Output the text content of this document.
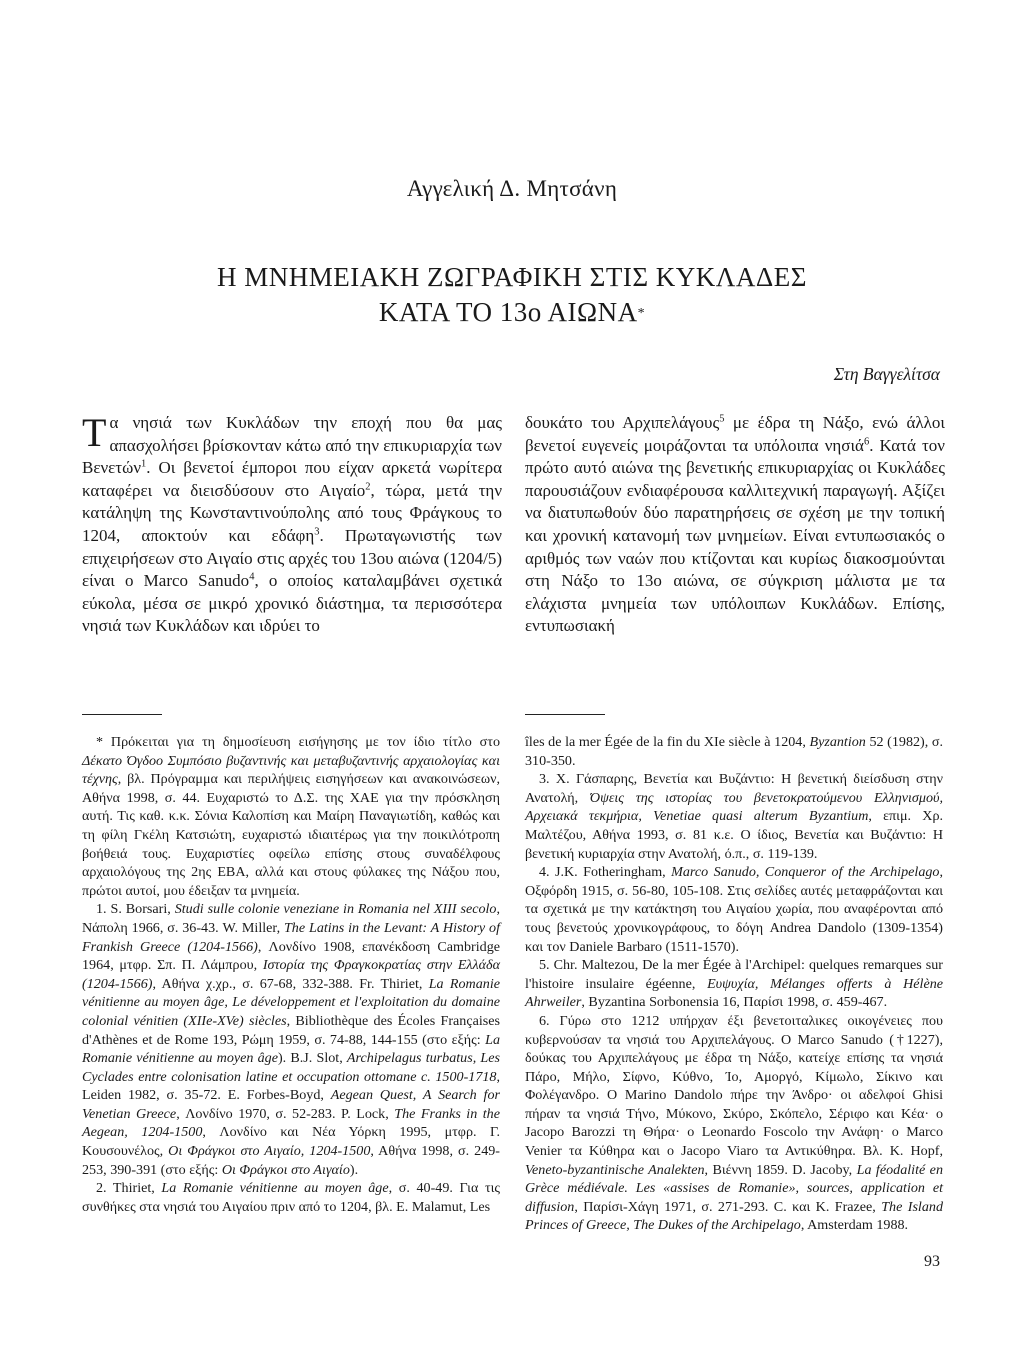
Αγγελική Δ. Μητσάνη
Η ΜΝΗΜΕΙΑΚΗ ΖΩΓΡΑΦΙΚΗ ΣΤΙΣ ΚΥΚΛΑΔΕΣ
ΚΑΤΑ ΤΟ 13ο ΑΙΩΝΑ*
Στη Βαγγελίτσα

Τα νησιά των Κυκλάδων την εποχή που θα μας απασχολήσει βρίσκονταν κάτω από την επικυριαρχία των Βενετών$^1$. Οι βενετοί έμποροι που είχαν αρκετά νωρίτερα καταφέρει να διεισδύσουν στο Αιγαίο$^2$, τώρα, μετά την κατάληψη της Κωνσταντινούπολης από τους Φράγκους το 1204, αποκτούν και εδάφη$^3$. Πρωταγωνιστής των επιχειρήσεων στο Αιγαίο στις αρχές του 13ου αιώνα (1204/5) είναι ο Marco Sanudo$^4$, ο οποίος καταλαμβάνει σχετικά εύκολα, μέσα σε μικρό χρονικό διάστημα, τα περισσότερα νησιά των Κυκλάδων και ιδρύει το

δουκάτο του Αρχιπελάγους$^5$ με έδρα τη Νάξο, ενώ άλλοι βενετοί ευγενείς μοιράζονται τα υπόλοιπα νησιά$^6$. Κατά τον πρώτο αυτό αιώνα της βενετικής επικυριαρχίας οι Κυκλάδες παρουσιάζουν ενδιαφέρουσα καλλιτεχνική παραγωγή. Αξίζει να διατυπωθούν δύο παρατηρήσεις σε σχέση με την τοπική και χρονική κατανομή των μνημείων. Είναι εντυπωσιακός ο αριθμός των ναών που κτίζονται και κυρίως διακοσμούνται στη Νάξο το 13ο αιώνα, σε σύγκριση μάλιστα με τα ελάχιστα μνημεία των υπόλοιπων Κυκλάδων. Επίσης, εντυπωσιακή

* Πρόκειται για τη δημοσίευση εισήγησης με τον ίδιο τίτλο στο Δέκατο Όγδοο Συμπόσιο βυζαντινής και μεταβυζαντινής αρχαιολογίας και τέχνης, βλ. Πρόγραμμα και περιλήψεις εισηγήσεων και ανακοινώσεων, Αθήνα 1998, σ. 44. Ευχαριστώ το Δ.Σ. της ΧΑΕ για την πρόσκληση αυτή. Τις καθ. κ.κ. Σόνια Καλοπίση και Μαίρη Παναγιωτίδη, καθώς και τη φίλη Γκέλη Κατσιώτη, ευχαριστώ ιδιαιτέρως για την ποικιλότροπη βοήθειά τους. Ευχαριστίες οφείλω επίσης στους συναδέλφους αρχαιολόγους της 2ης ΕΒΑ, αλλά και στους φύλακες της Νάξου που, πρώτοι αυτοί, μου έδειξαν τα μνημεία.

1. S. Borsari, Studi sulle colonie veneziane in Romania nel XIII secolo, Νάπολη 1966, σ. 36-43. W. Miller, The Latins in the Levant: A History of Frankish Greece (1204-1566), Λονδίνο 1908, επανέκδοση Cambridge 1964, μτφρ. Σπ. Π. Λάμπρου, Ιστορία της Φραγκοκρατίας στην Ελλάδα (1204-1566), Αθήνα χ.χρ., σ. 67-68, 332-388. Fr. Thiriet, La Romanie vénitienne au moyen âge, Le développement et l'exploitation du domaine colonial vénitien (XIIe-XVe) siècles, Bibliothèque des Écoles Françaises d'Athènes et de Rome 193, Ρώμη 1959, σ. 74-88, 144-155 (στο εξής: La Romanie vénitienne au moyen âge). B.J. Slot, Archipelagus turbatus, Les Cyclades entre colonisation latine et occupation ottomane c. 1500-1718, Leiden 1982, σ. 35-72. E. Forbes-Boyd, Aegean Quest, A Search for Venetian Greece, Λονδίνο 1970, σ. 52-283. P. Lock, The Franks in the Aegean, 1204-1500, Λονδίνο και Νέα Υόρκη 1995, μτφρ. Γ. Κουσουνέλος, Οι Φράγκοι στο Αιγαίο, 1204-1500, Αθήνα 1998, σ. 249-253, 390-391 (στο εξής: Οι Φράγκοι στο Αιγαίο).

2. Thiriet, La Romanie vénitienne au moyen âge, σ. 40-49. Για τις συνθήκες στα νησιά του Αιγαίου πριν από το 1204, βλ. E. Malamut, Les

îles de la mer Égée de la fin du XIe siècle à 1204, Byzantion 52 (1982), σ. 310-350.

3. Χ. Γάσπαρης, Βενετία και Βυζάντιο: Η βενετική διείσδυση στην Ανατολή, Όψεις της ιστορίας του βενετοκρατούμενου Ελληνισμού, Αρχειακά τεκμήρια, Venetiae quasi alterum Byzantium, επιμ. Χρ. Μαλτέζου, Αθήνα 1993, σ. 81 κ.ε. Ο ίδιος, Βενετία και Βυζάντιο: Η βενετική κυριαρχία στην Ανατολή, ό.π., σ. 119-139.

4. J.K. Fotheringham, Marco Sanudo, Conqueror of the Archipelago, Οξφόρδη 1915, σ. 56-80, 105-108. Στις σελίδες αυτές μεταφράζονται και τα σχετικά με την κατάκτηση του Αιγαίου χωρία, που αναφέρονται από τους βενετούς χρονικογράφους, το δόγη Andrea Dandolo (1309-1354) και τον Daniele Barbaro (1511-1570).

5. Chr. Maltezou, De la mer Égée à l'Archipel: quelques remarques sur l'histoire insulaire égéenne, Ευψυχία, Mélanges offerts à Hélène Ahrweiler, Byzantina Sorbonensia 16, Παρίσι 1998, σ. 459-467.

6. Γύρω στο 1212 υπήρχαν έξι βενετοιταλικες οικογένειες που κυβερνούσαν τα νησιά του Αρχιπελάγους. Ο Marco Sanudo (†1227), δούκας του Αρχιπελάγους με έδρα τη Νάξο, κατείχε επίσης τα νησιά Πάρο, Μήλο, Σίφνο, Κύθνο, Ίο, Αμοργό, Κίμωλο, Σίκινο και Φολέγανδρο. Ο Marino Dandolo πήρε την Άνδρο· οι αδελφοί Ghisi πήραν τα νησιά Τήνο, Μύκονο, Σκύρο, Σκόπελο, Σέριφο και Κέα· ο Jacopo Barozzi τη Θήρα· ο Leonardo Foscolo την Ανάφη· ο Marco Venier τα Κύθηρα και ο Jacopo Viaro τα Αντικύθηρα. Βλ. K. Hopf, Veneto-byzantinische Analekten, Βιέννη 1859. D. Jacoby, La féodalité en Grèce médiévale. Les «assises de Romanie», sources, application et diffusion, Παρίσι-Χάγη 1971, σ. 271-293. C. και K. Frazee, The Island Princes of Greece, The Dukes of the Archipelago, Amsterdam 1988.

93
